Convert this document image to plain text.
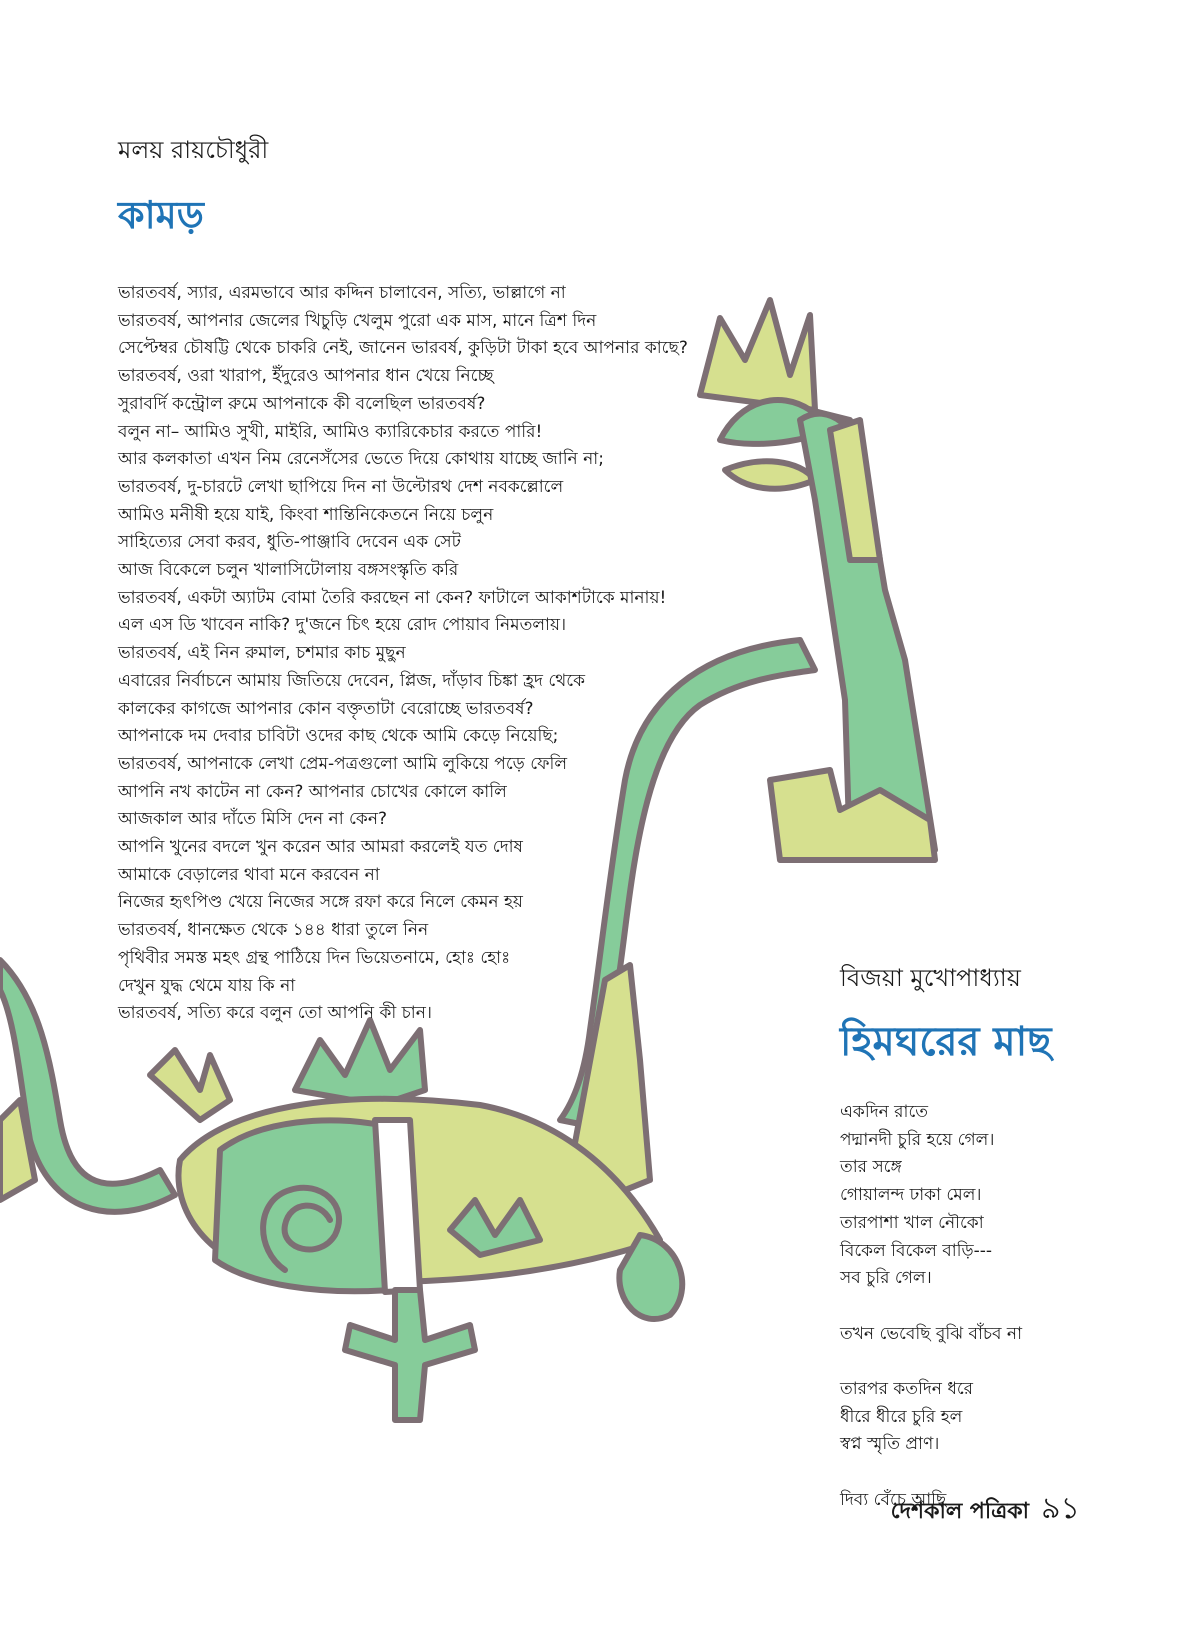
মলয় রায়চৌধুরী
কামড়
ভারতবর্ষ, স্যার, এরমভাবে আর কদ্দিন চালাবেন, সত্যি, ভাল্লাগে না
ভারতবর্ষ, আপনার জেলের খিচুড়ি খেলুম পুরো এক মাস, মানে ত্রিশ দিন
সেপ্টেম্বর চৌষট্টি থেকে চাকরি নেই, জানেন ভারবর্ষ, কুড়িটা টাকা হবে আপনার কাছে?
ভারতবর্ষ, ওরা খারাপ, ইঁদুরেও আপনার ধান খেয়ে নিচ্ছে
সুরাবর্দি কন্ট্রোল রুমে আপনাকে কী বলেছিল ভারতবর্ষ?
বলুন না– আমিও সুখী, মাইরি, আমিও ক্যারিকেচার করতে পারি!
আর কলকাতা এখন নিম রেনেসঁসের ভেতে দিয়ে কোথায় যাচ্ছে জানি না;
ভারতবর্ষ, দু-চারটে লেখা ছাপিয়ে দিন না উল্টোরথ দেশ নবকল্লোলে
আমিও মনীষী হয়ে যাই, কিংবা শান্তিনিকেতনে নিয়ে চলুন
সাহিত্যের সেবা করব, ধুতি-পাঞ্জাবি দেবেন এক সেট
আজ বিকেলে চলুন খালাসিটোলায় বঙ্গসংস্কৃতি করি
ভারতবর্ষ, একটা অ্যাটম বোমা তৈরি করছেন না কেন? ফাটালে আকাশটাকে মানায়!
এল এস ডি খাবেন নাকি? দু'জনে চিৎ হয়ে রোদ পোয়াব নিমতলায়।
ভারতবর্ষ, এই নিন রুমাল, চশমার কাচ মুছুন
এবারের নির্বাচনে আমায় জিতিয়ে দেবেন, প্লিজ, দাঁড়াব চিঙ্কা হ্রদ থেকে
কালকের কাগজে আপনার কোন বক্তৃতাটা বেরোচ্ছে ভারতবর্ষ?
আপনাকে দম দেবার চাবিটা ওদের কাছ থেকে আমি কেড়ে নিয়েছি;
ভারতবর্ষ, আপনাকে লেখা প্রেম-পত্রগুলো আমি লুকিয়ে পড়ে ফেলি
আপনি নখ কাটেন না কেন? আপনার চোখের কোলে কালি
আজকাল আর দাঁতে মিসি দেন না কেন?
আপনি খুনের বদলে খুন করেন আর আমরা করলেই যত দোষ
আমাকে বেড়ালের থাবা মনে করবেন না
নিজের হৃৎপিণ্ড খেয়ে নিজের সঙ্গে রফা করে নিলে কেমন হয়
ভারতবর্ষ, ধানক্ষেত থেকে ১৪৪ ধারা তুলে নিন
পৃথিবীর সমস্ত মহৎ গ্রন্থ পাঠিয়ে দিন ভিয়েতনামে, হোঃ হোঃ
দেখুন যুদ্ধ থেমে যায় কি না
ভারতবর্ষ, সত্যি করে বলুন তো আপনি কী চান।
বিজয়া মুখোপাধ্যায়
হিমঘরের মাছ
একদিন রাতে
পদ্মানদী চুরি হয়ে গেল।
তার সঙ্গে
গোয়ালন্দ ঢাকা মেল।
তারপাশা খাল নৌকো
বিকেল বিকেল বাড়ি---
সব চুরি গেল।
তখন ভেবেছি বুঝি বাঁচব না
তারপর কতদিন ধরে
ধীরে ধীরে চুরি হল
স্বপ্ন স্মৃতি প্রাণ।
দিব্য বেঁচে আছি
দেশকাল পত্রিকা ৯১
